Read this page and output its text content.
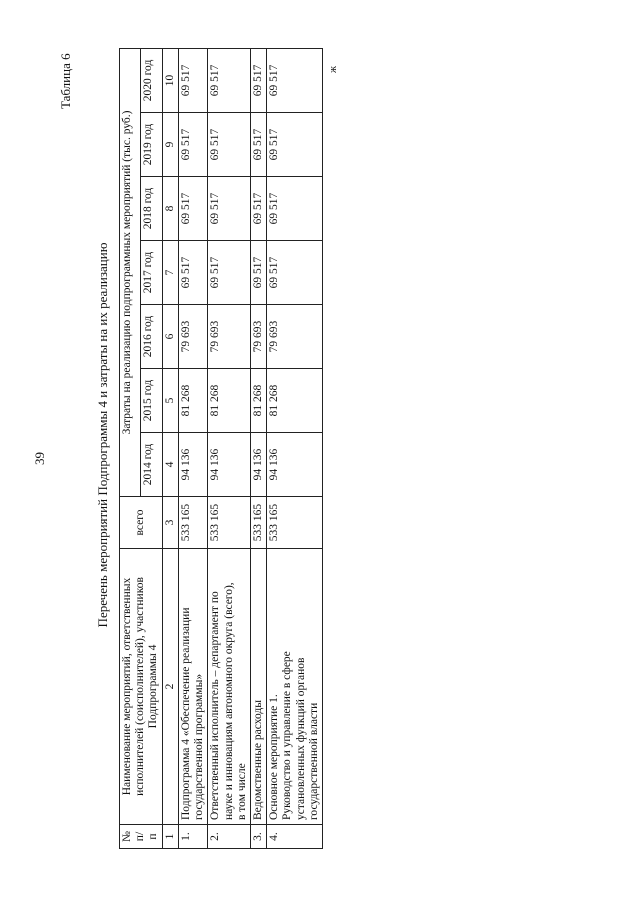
39
Таблица 6
Перечень мероприятий Подпрограммы 4 и затраты на их реализацию
№ п/п	Наименование мероприятий, ответственных исполнителей (соисполнителей), участников Подпрограммы 4	всего	Затраты на реализацию подпрограммных мероприятий (тыс. руб.)						
			2014 год	2015 год	2016 год	2017 год	2018 год	2019 год	2020 год
1	2	3	4	5	6	7	8	9	10
1.	Подпрограмма 4 «Обеспечение реализации государственной программы»	533 165	94 136	81 268	79 693	69 517	69 517	69 517	69 517
2.	Ответственный исполнитель – департамент по науке и инновациям автономного округа (всего), в том числе	533 165	94 136	81 268	79 693	69 517	69 517	69 517	69 517
3.	Ведомственные расходы	533 165	94 136	81 268	79 693	69 517	69 517	69 517	69 517
4.	Основное мероприятие 1. Руководство и управление в сфере установленных функций органов государственной власти	533 165	94 136	81 268	79 693	69 517	69 517	69 517	69 517	ж
